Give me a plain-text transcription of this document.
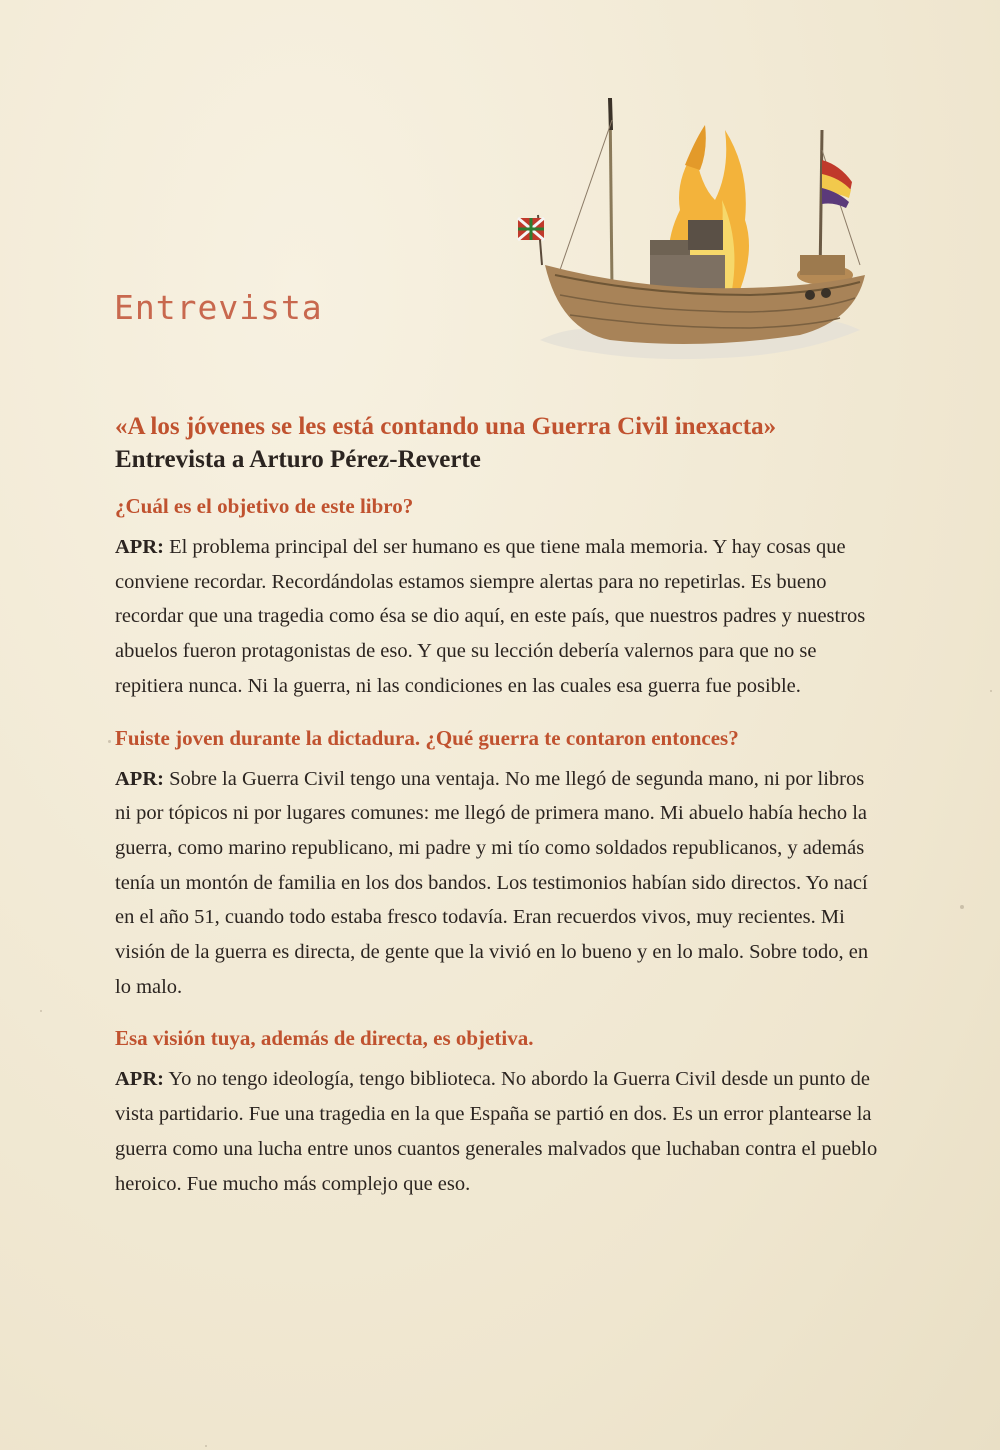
Entrevista
«A los jóvenes se les está contando una Guerra Civil inexacta»
Entrevista a Arturo Pérez-Reverte

¿Cuál es el objetivo de este libro?

APR: El problema principal del ser humano es que tiene mala memoria. Y hay cosas que conviene recordar. Recordándolas estamos siempre alertas para no repetirlas. Es bueno recordar que una tragedia como ésa se dio aquí, en este país, que nuestros padres y nuestros abuelos fueron protagonistas de eso. Y que su lección debería valernos para que no se repitiera nunca. Ni la guerra, ni las condiciones en las cuales esa guerra fue posible.

Fuiste joven durante la dictadura. ¿Qué guerra te contaron entonces?

APR: Sobre la Guerra Civil tengo una ventaja. No me llegó de segunda mano, ni por libros ni por tópicos ni por lugares comunes: me llegó de primera mano. Mi abuelo había hecho la guerra, como marino republicano, mi padre y mi tío como soldados republicanos, y además tenía un montón de familia en los dos bandos. Los testimonios habían sido directos. Yo nací en el año 51, cuando todo estaba fresco todavía. Eran recuerdos vivos, muy recientes. Mi visión de la guerra es directa, de gente que la vivió en lo bueno y en lo malo. Sobre todo, en lo malo.

Esa visión tuya, además de directa, es objetiva.

APR: Yo no tengo ideología, tengo biblioteca. No abordo la Guerra Civil desde un punto de vista partidario. Fue una tragedia en la que España se partió en dos. Es un error plantearse la guerra como una lucha entre unos cuantos generales malvados que luchaban contra el pueblo heroico. Fue mucho más complejo que eso.
